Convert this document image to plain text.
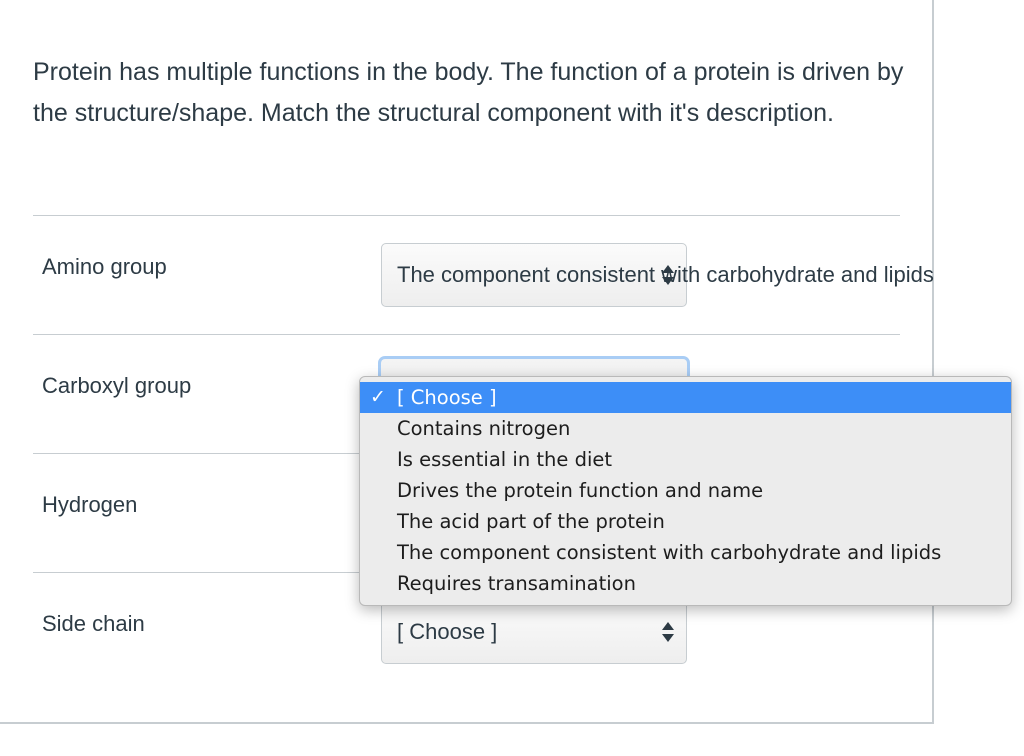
Protein has multiple functions in the body. The function of a protein is driven by the structure/shape. Match the structural component with it's description.
Amino group	The component consistent with carbohydrate and lipids
Carboxyl group
Hydrogen
Side chain	[ Choose ]
✓ [ Choose ]
Contains nitrogen
Is essential in the diet
Drives the protein function and name
The acid part of the protein
The component consistent with carbohydrate and lipids
Requires transamination
